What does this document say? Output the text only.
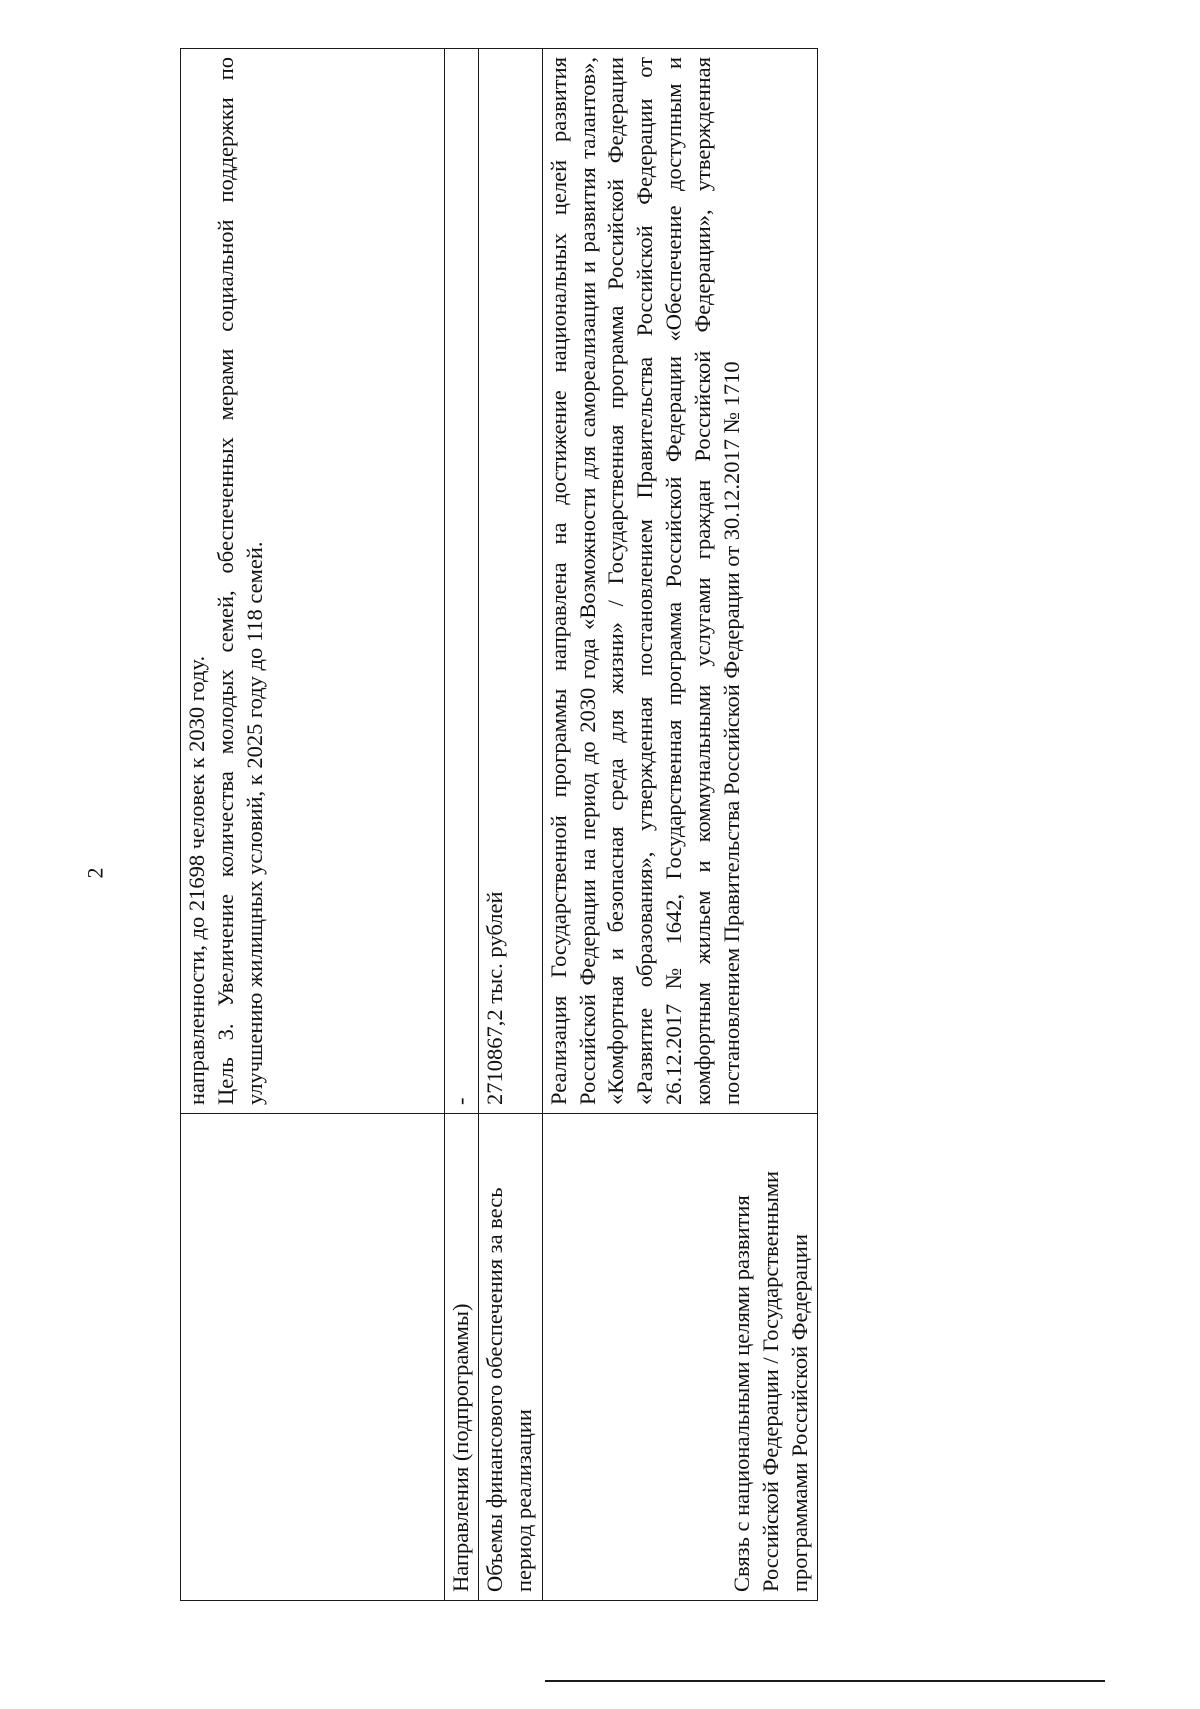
2

	направленности, до 21698 человек к 2030 году. Цель 3. Увеличение количества молодых семей, обеспеченных мерами социальной поддержки по улучшению жилищных условий, к 2025 году до 118 семей.

Направления (подпрограммы)	-
Объемы финансового обеспечения за весь период реализации	2710867,2 тыс. рублей
Связь с национальными целями развития Российской Федерации / Государственными программами Российской Федерации	Реализация Государственной программы направлена на достижение национальных целей развития Российской Федерации на период до 2030 года «Возможности для самореализации и развития талантов», «Комфортная и безопасная среда для жизни» / Государственная программа Российской Федерации «Развитие образования», утвержденная постановлением Правительства Российской Федерации от 26.12.2017 № 1642, Государственная программа Российской Федерации «Обеспечение доступным и комфортным жильем и коммунальными услугами граждан Российской Федерации», утвержденная постановлением Правительства Российской Федерации от 30.12.2017 № 1710
